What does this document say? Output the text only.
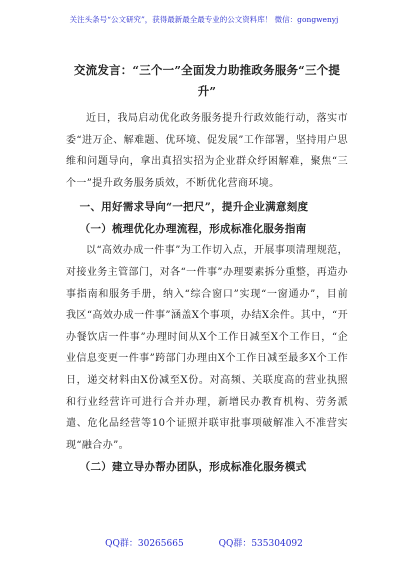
关注头条号“公文研究”，获得最新最全最专业的公文资料库！ 微信：gongwenyj
交流发言：“三个一”全面发力助推政务服务“三个提升”

近日，我局启动优化政务服务提升行政效能行动，落实市委“进万企、解难题、优环境、促发展”工作部署，坚持用户思维和问题导向，拿出真招实招为企业群众纾困解难，聚焦“三个一”提升政务服务质效，不断优化营商环境。

一、用好需求导向“一把尺”，提升企业满意刻度
（一）梳理优化办理流程，形成标准化服务指南

以“高效办成一件事”为工作切入点，开展事项清理规范，对接业务主管部门，对各“一件事”办理要素拆分重整，再造办事指南和服务手册，纳入“综合窗口”实现“一窗通办”，目前我区“高效办成一件事”涵盖X个事项，办结X余件。其中，“开办餐饮店一件事”办理时间从X个工作日减至X个工作日，“企业信息变更一件事”跨部门办理由X个工作日减至最多X个工作日，递交材料由X份减至X份。对高频、关联度高的营业执照和行业经营许可进行合并办理，新增民办教育机构、劳务派遣、危化品经营等10个证照并联审批事项破解准入不准营实现“融合办”。

（二）建立导办帮办团队，形成标准化服务模式
QQ群：30265665	QQ群：535304092
